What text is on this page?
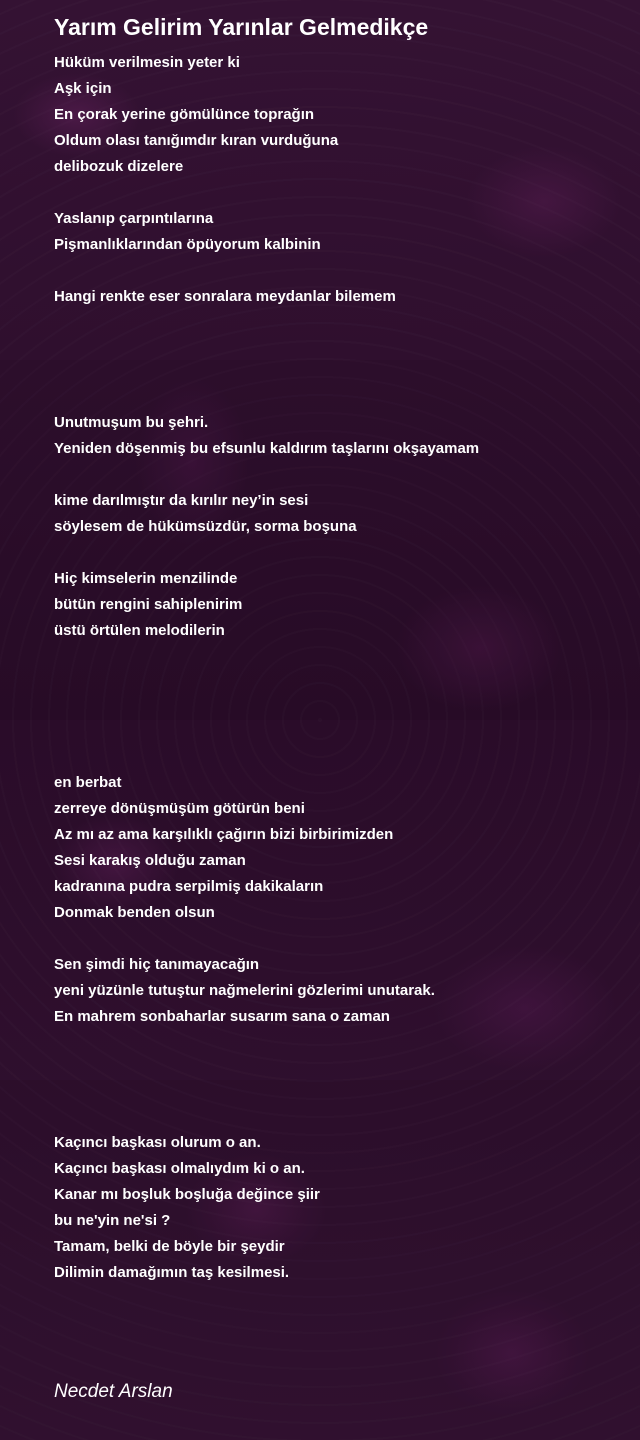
Yarım Gelirim Yarınlar Gelmedikçe
Hüküm verilmesin yeter ki
Aşk için
En çorak yerine gömülünce toprağın
Oldum olası tanığımdır kıran vurduğuna
delibozuk dizelere
Yaslanıp çarpıntılarına
Pişmanlıklarından öpüyorum kalbinin
Hangi renkte eser sonralara meydanlar bilemem
Unutmuşum bu şehri.
Yeniden döşenmiş bu efsunlu kaldırım taşlarını okşayamam
kime darılmıştır da kırılır ney’in sesi
söylesem de hükümsüzdür, sorma boşuna
Hiç kimselerin menzilinde
bütün rengini sahiplenirim
üstü örtülen melodilerin
en berbat
zerreye dönüşmüşüm götürün beni
Az mı az ama karşılıklı çağırın bizi birbirimizden
Sesi karakış olduğu zaman
kadranına pudra serpilmiş dakikaların
Donmak benden olsun
Sen şimdi hiç tanımayacağın
yeni yüzünle tutuştur nağmelerini gözlerimi unutarak.
En mahrem sonbaharlar susarım sana o zaman
Kaçıncı başkası olurum o an.
Kaçıncı başkası olmalıydım ki o an.
Kanar mı boşluk boşluğa değince şiir
bu ne'yin ne'si ?
Tamam, belki de böyle bir şeydir
Dilimin damağımın taş kesilmesi.
Necdet Arslan
